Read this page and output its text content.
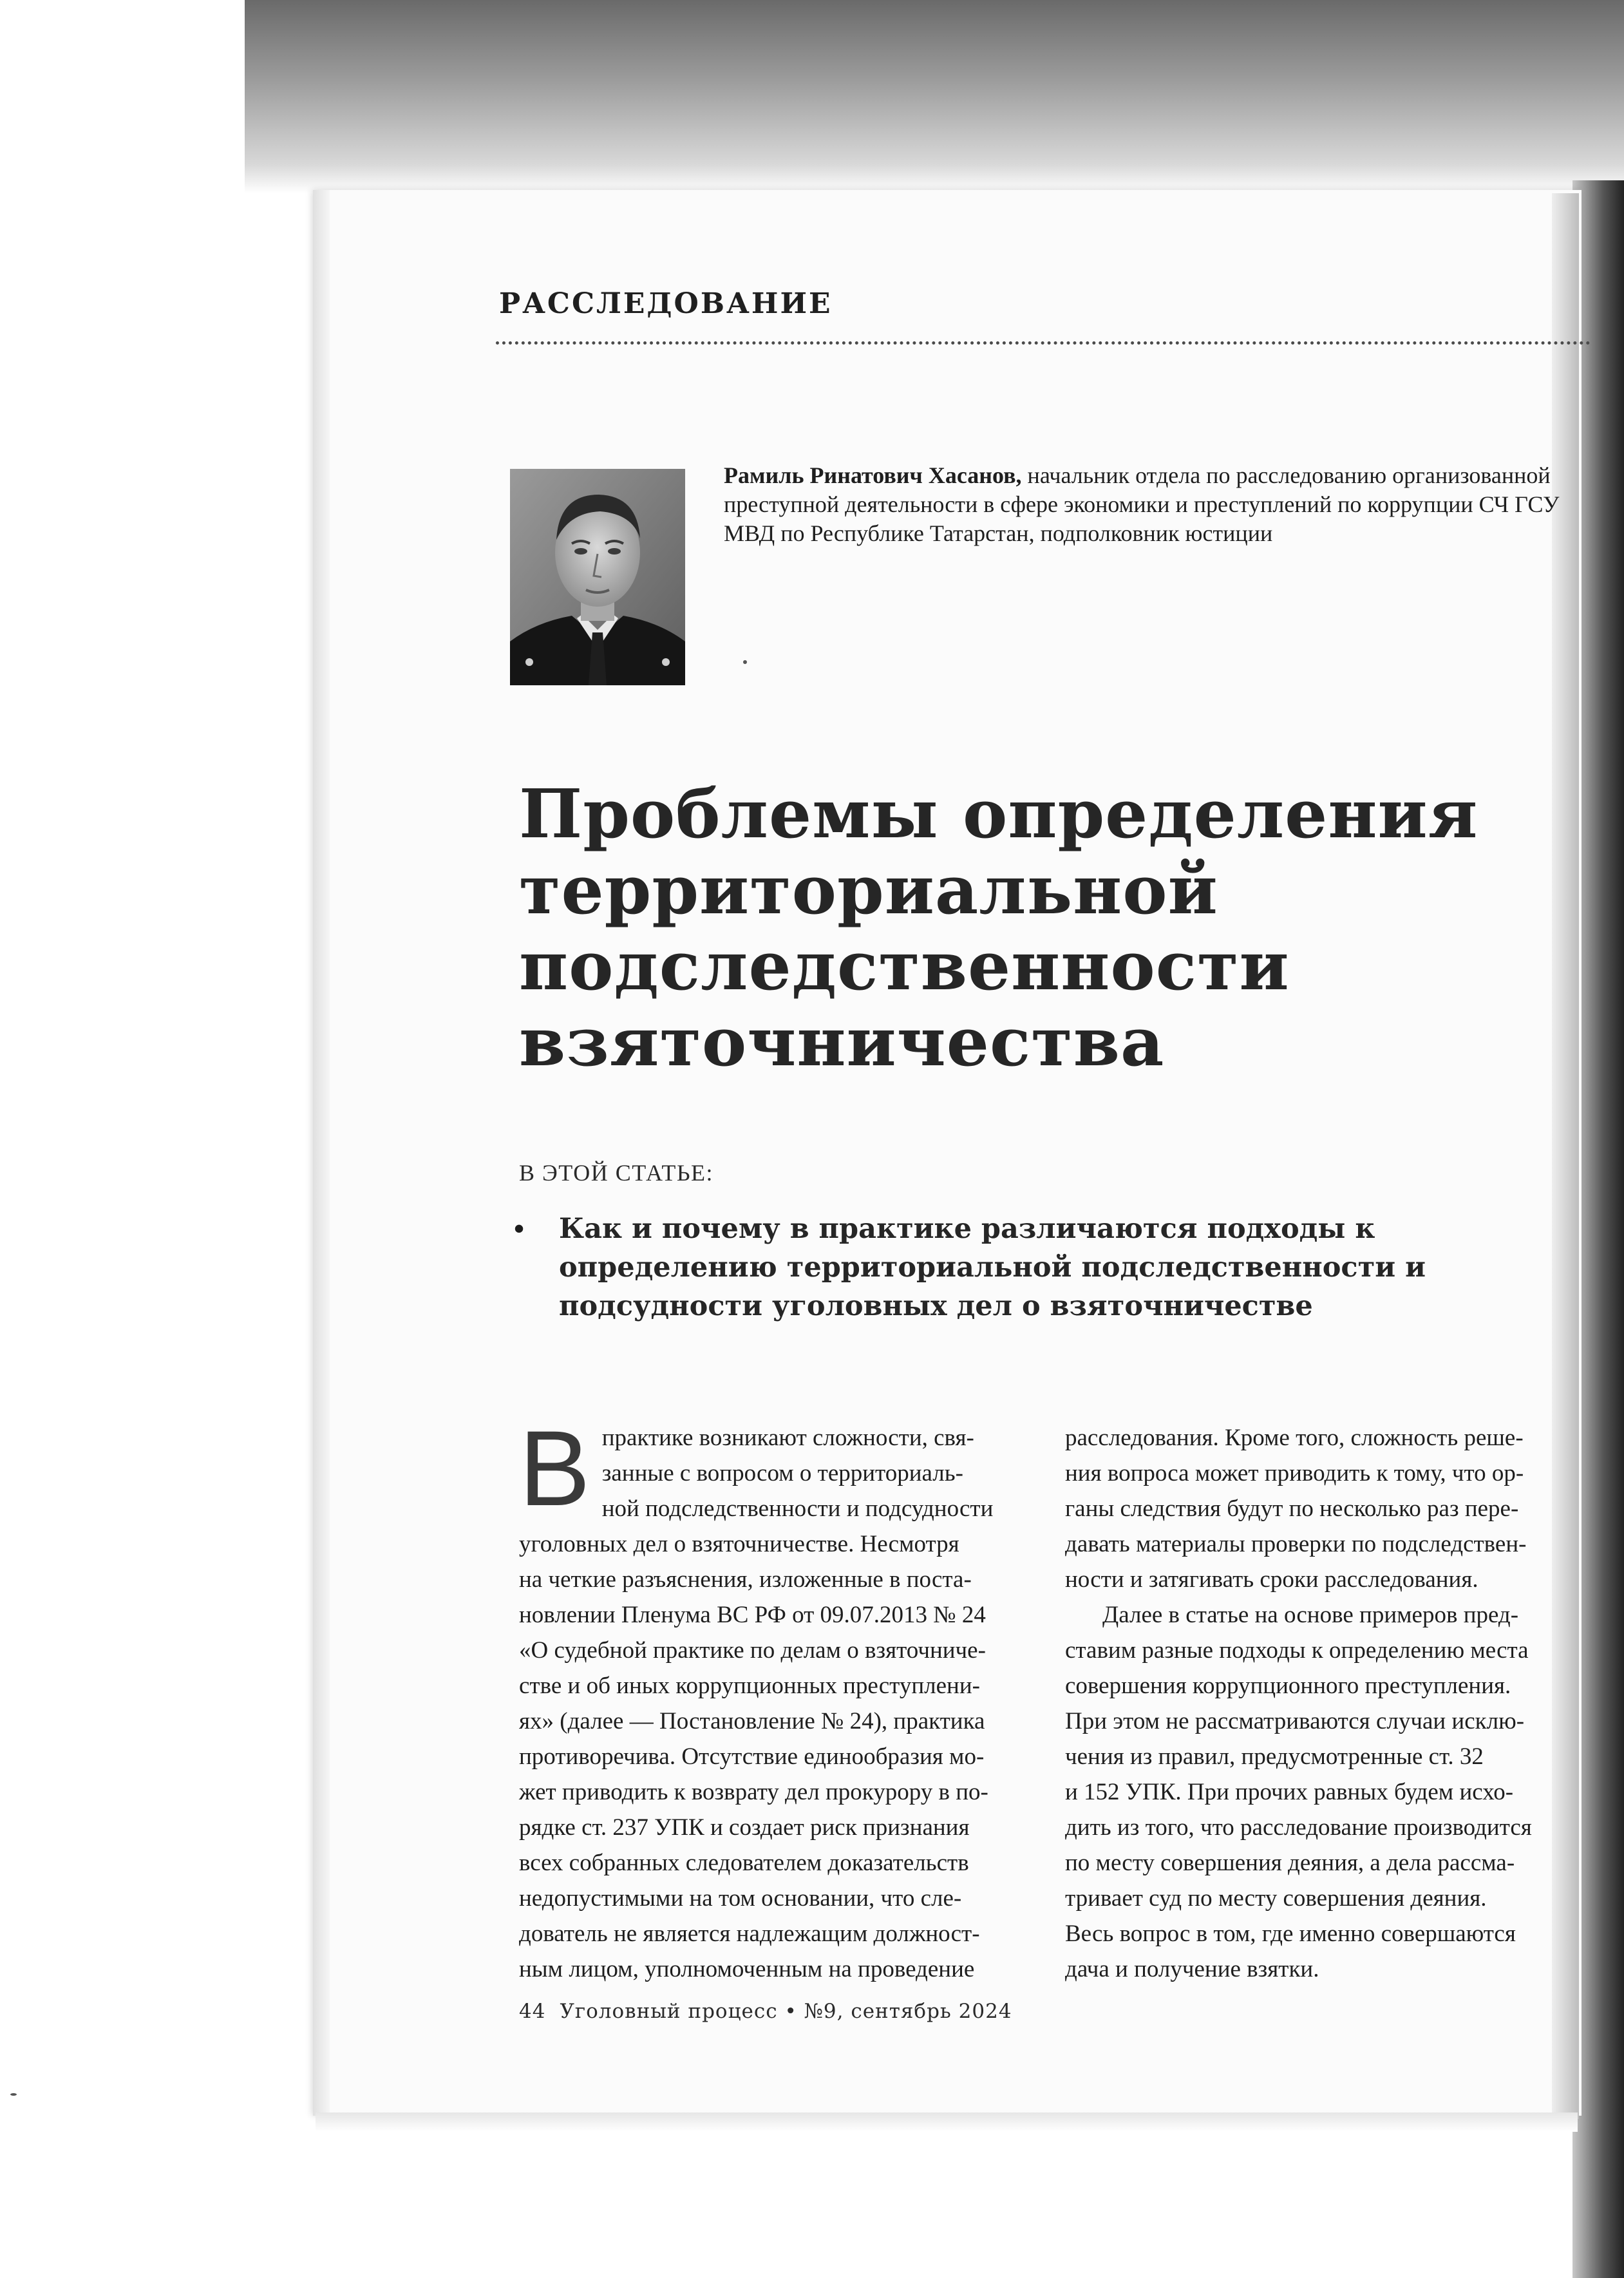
РАССЛЕДОВАНИЕ
Рамиль Ринатович Хасанов, начальник отдела по расследованию организованной преступной деятельности в сфере экономики и преступлений по коррупции СЧ ГСУ МВД по Республике Татарстан, подполковник юстиции
Проблемы определения
территориальной
подследственности
взяточничества
В ЭТОЙ СТАТЬЕ:
• Как и почему в практике различаются подходы к определению территориальной подследственности и подсудности уголовных дел о взяточничестве
В практике возникают сложности, свя-
занные с вопросом о территориаль-
ной подследственности и подсудности
уголовных дел о взяточничестве. Несмотря
на четкие разъяснения, изложенные в поста-
новлении Пленума ВС РФ от 09.07.2013 № 24
«О судебной практике по делам о взяточниче-
стве и об иных коррупционных преступлени-
ях» (далее — Постановление № 24), практика
противоречива. Отсутствие единообразия мо-
жет приводить к возврату дел прокурору в по-
рядке ст. 237 УПК и создает риск признания
всех собранных следователем доказательств
недопустимыми на том основании, что сле-
дователь не является надлежащим должност-
ным лицом, уполномоченным на проведение
расследования. Кроме того, сложность реше-
ния вопроса может приводить к тому, что ор-
ганы следствия будут по несколько раз пере-
давать материалы проверки по подследствен-
ности и затягивать сроки расследования.
Далее в статье на основе примеров пред-
ставим разные подходы к определению места
совершения коррупционного преступления.
При этом не рассматриваются случаи исклю-
чения из правил, предусмотренные ст. 32
и 152 УПК. При прочих равных будем исхо-
дить из того, что расследование производится
по месту совершения деяния, а дела рассма-
тривает суд по месту совершения деяния.
Весь вопрос в том, где именно совершаются
дача и получение взятки.
44 Уголовный процесс • №9, сентябрь 2024
